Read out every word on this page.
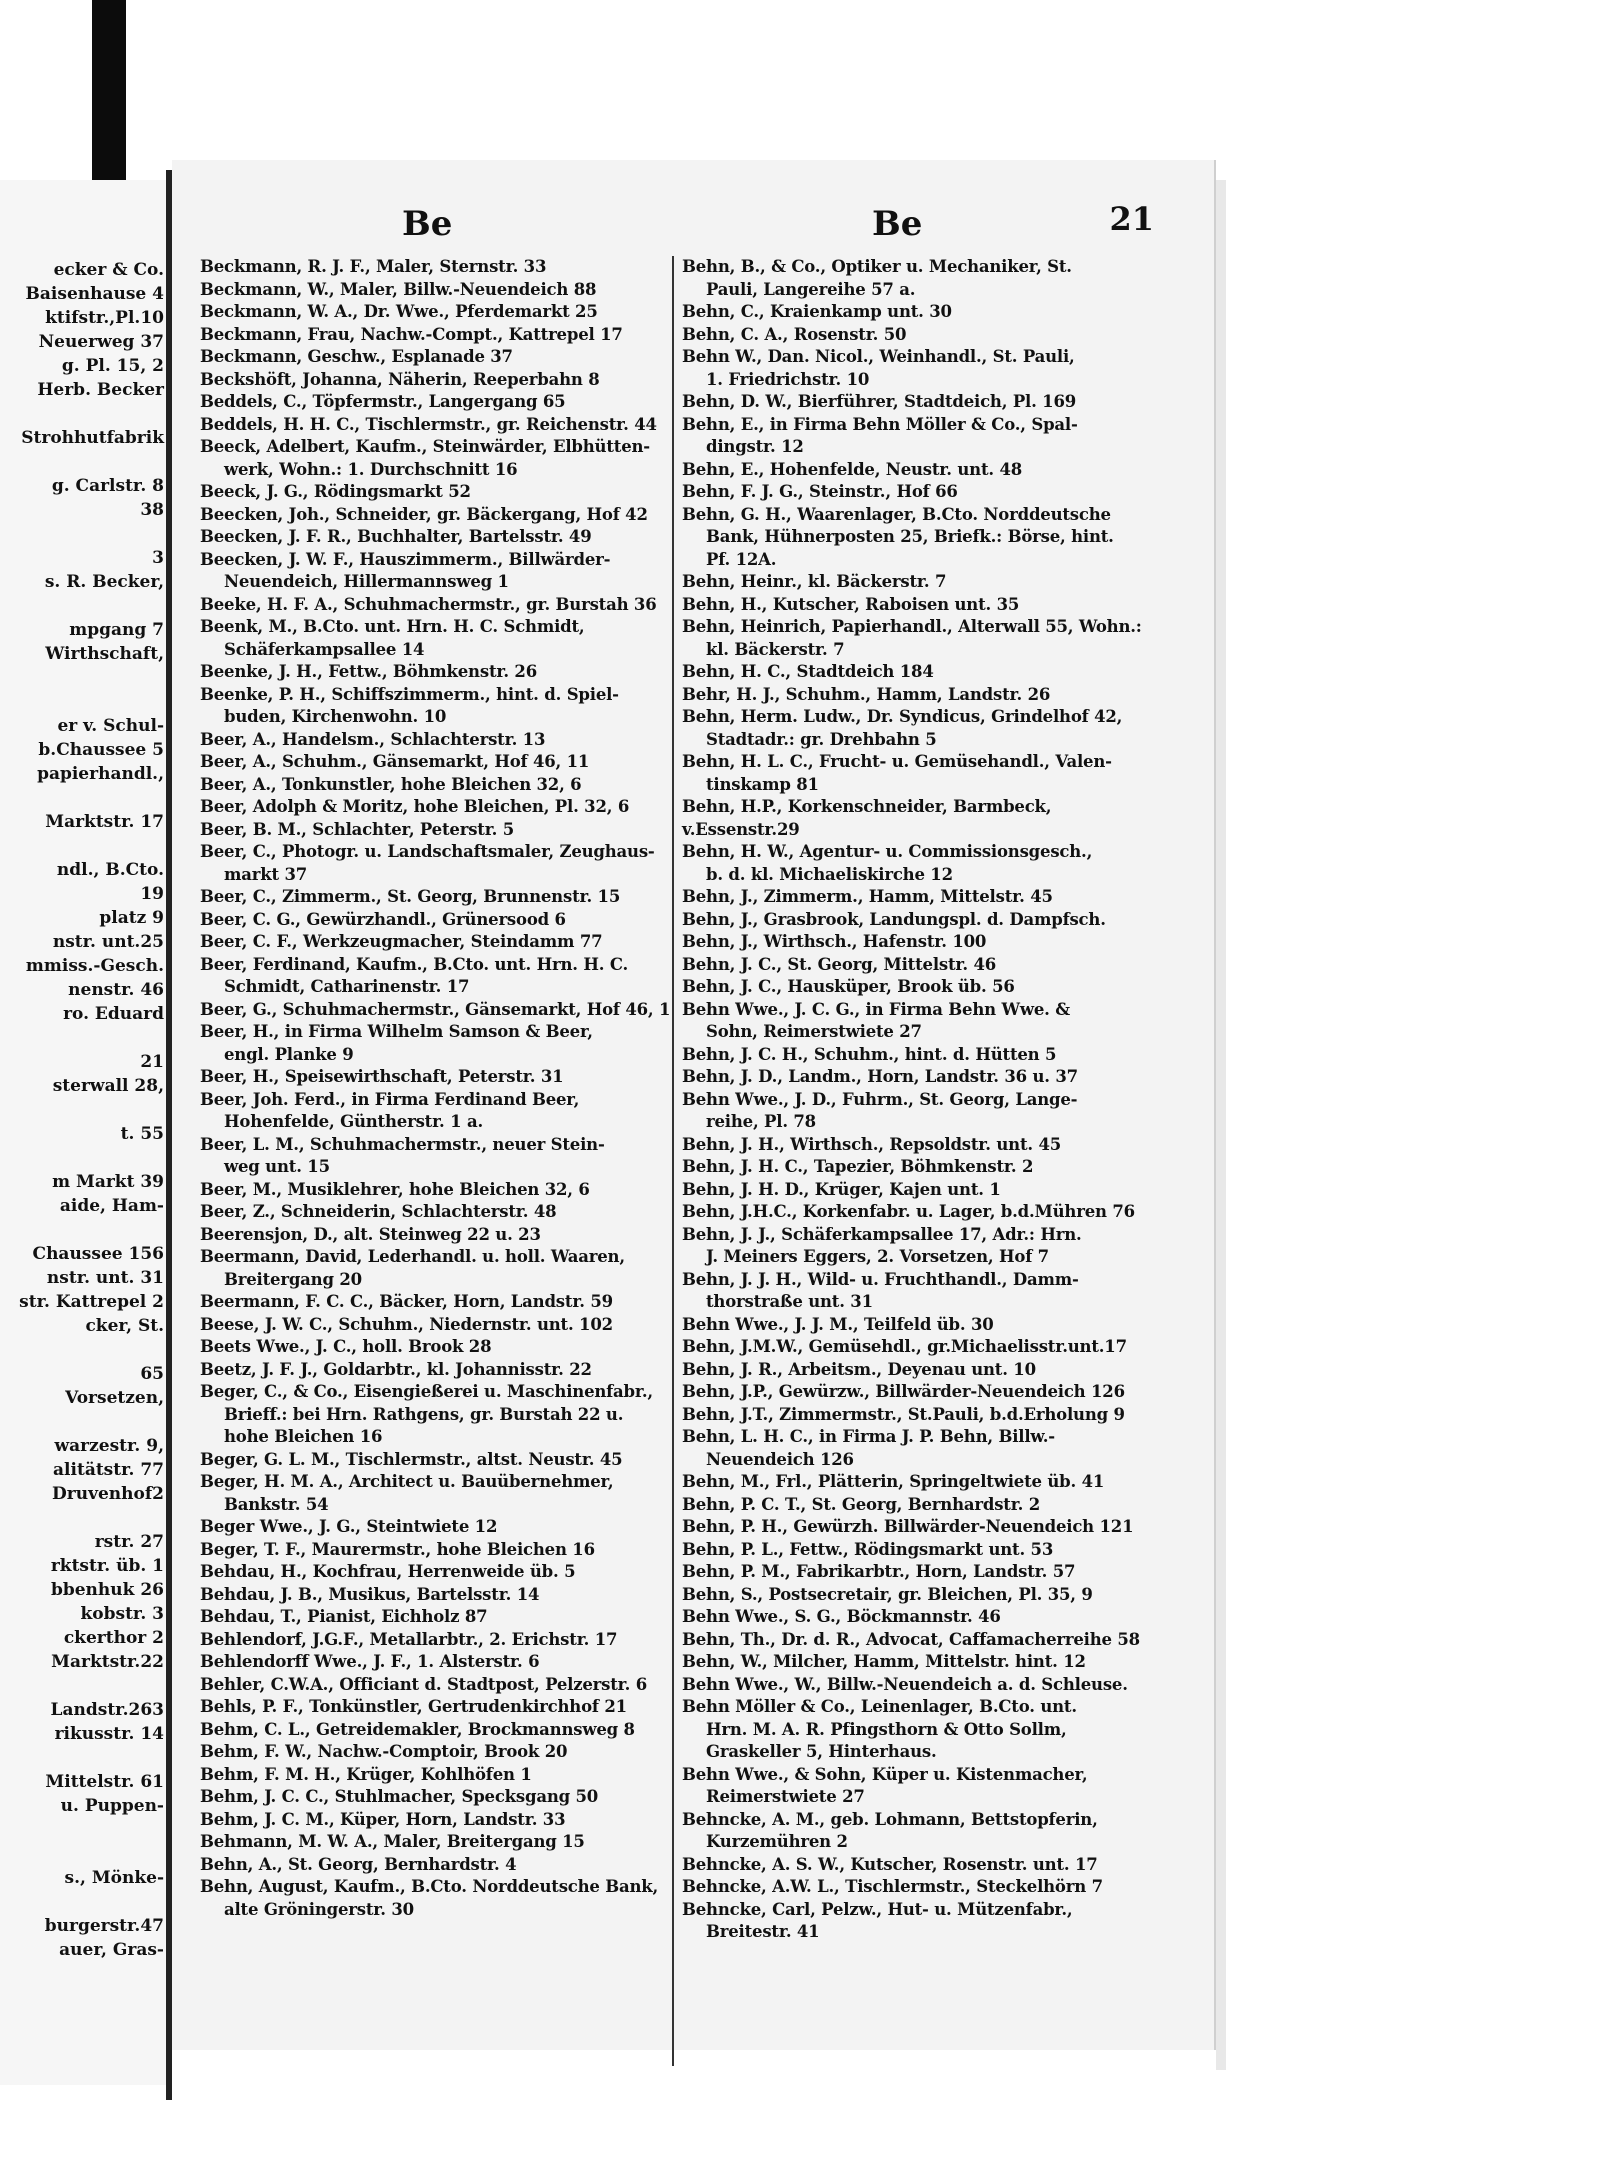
ecker & Co.
Baisenhause 4
ktifstr.,Pl.10
Neuerweg 37
g. Pl. 15, 2
Herb. Becker
Strohhutfabrik
g. Carlstr. 8
38
3
s. R. Becker,
mpgang 7
Wirthschaft,
er v. Schul-
b.Chaussee 5
papierhandl.,
Marktstr. 17
ndl., B.Cto.
19
platz 9
nstr. unt.25
mmiss.-Gesch.
nenstr. 46
ro. Eduard
21
sterwall 28,
t. 55
m Markt 39
aide, Ham-
Chaussee 156
nstr. unt. 31
str. Kattrepel 2
cker, St.
65
Vorsetzen,
warzestr. 9,
alitätstr. 77
Druvenhof2
rstr. 27
rktstr. üb. 1
bbenhuk 26
kobstr. 3
ckerthor 2
Marktstr.22
Landstr.263
rikusstr. 14
Mittelstr. 61
u. Puppen-
s., Mönke-
burgerstr.47
auer, Gras-
Be	Be	21
Beckmann, R. J. F., Maler, Sternstr. 33
Beckmann, W., Maler, Billw.-Neuendeich 88
Beckmann, W. A., Dr. Wwe., Pferdemarkt 25
Beckmann, Frau, Nachw.-Compt., Kattrepel 17
Beckmann, Geschw., Esplanade 37
Beckshöft, Johanna, Näherin, Reeperbahn 8
Beddels, C., Töpfermstr., Langergang 65
Beddels, H. H. C., Tischlermstr., gr. Reichenstr. 44
Beeck, Adelbert, Kaufm., Steinwärder, Elbhütten-
werk, Wohn.: 1. Durchschnitt 16
Beeck, J. G., Rödingsmarkt 52
Beecken, Joh., Schneider, gr. Bäckergang, Hof 42
Beecken, J. F. R., Buchhalter, Bartelsstr. 49
Beecken, J. W. F., Hauszimmerm., Billwärder-
Neuendeich, Hillermannsweg 1
Beeke, H. F. A., Schuhmachermstr., gr. Burstah 36
Beenk, M., B.Cto. unt. Hrn. H. C. Schmidt,
Schäferkampsallee 14
Beenke, J. H., Fettw., Böhmkenstr. 26
Beenke, P. H., Schiffszimmerm., hint. d. Spiel-
buden, Kirchenwohn. 10
Beer, A., Handelsm., Schlachterstr. 13
Beer, A., Schuhm., Gänsemarkt, Hof 46, 11
Beer, A., Tonkunstler, hohe Bleichen 32, 6
Beer, Adolph & Moritz, hohe Bleichen, Pl. 32, 6
Beer, B. M., Schlachter, Peterstr. 5
Beer, C., Photogr. u. Landschaftsmaler, Zeughaus-
markt 37
Beer, C., Zimmerm., St. Georg, Brunnenstr. 15
Beer, C. G., Gewürzhandl., Grünersood 6
Beer, C. F., Werkzeugmacher, Steindamm 77
Beer, Ferdinand, Kaufm., B.Cto. unt. Hrn. H. C.
Schmidt, Catharinenstr. 17
Beer, G., Schuhmachermstr., Gänsemarkt, Hof 46, 1
Beer, H., in Firma Wilhelm Samson & Beer,
engl. Planke 9
Beer, H., Speisewirthschaft, Peterstr. 31
Beer, Joh. Ferd., in Firma Ferdinand Beer,
Hohenfelde, Güntherstr. 1 a.
Beer, L. M., Schuhmachermstr., neuer Stein-
weg unt. 15
Beer, M., Musiklehrer, hohe Bleichen 32, 6
Beer, Z., Schneiderin, Schlachterstr. 48
Beerensjon, D., alt. Steinweg 22 u. 23
Beermann, David, Lederhandl. u. holl. Waaren,
Breitergang 20
Beermann, F. C. C., Bäcker, Horn, Landstr. 59
Beese, J. W. C., Schuhm., Niedernstr. unt. 102
Beets Wwe., J. C., holl. Brook 28
Beetz, J. F. J., Goldarbtr., kl. Johannisstr. 22
Beger, C., & Co., Eisengießerei u. Maschinenfabr.,
Brieff.: bei Hrn. Rathgens, gr. Burstah 22 u.
hohe Bleichen 16
Beger, G. L. M., Tischlermstr., altst. Neustr. 45
Beger, H. M. A., Architect u. Bauübernehmer,
Bankstr. 54
Beger Wwe., J. G., Steintwiete 12
Beger, T. F., Maurermstr., hohe Bleichen 16
Behdau, H., Kochfrau, Herrenweide üb. 5
Behdau, J. B., Musikus, Bartelsstr. 14
Behdau, T., Pianist, Eichholz 87
Behlendorf, J.G.F., Metallarbtr., 2. Erichstr. 17
Behlendorff Wwe., J. F., 1. Alsterstr. 6
Behler, C.W.A., Officiant d. Stadtpost, Pelzerstr. 6
Behls, P. F., Tonkünstler, Gertrudenkirchhof 21
Behm, C. L., Getreidemakler, Brockmannsweg 8
Behm, F. W., Nachw.-Comptoir, Brook 20
Behm, F. M. H., Krüger, Kohlhöfen 1
Behm, J. C. C., Stuhlmacher, Specksgang 50
Behm, J. C. M., Küper, Horn, Landstr. 33
Behmann, M. W. A., Maler, Breitergang 15
Behn, A., St. Georg, Bernhardstr. 4
Behn, August, Kaufm., B.Cto. Norddeutsche Bank,
alte Gröningerstr. 30
Behn, B., & Co., Optiker u. Mechaniker, St.
Pauli, Langereihe 57 a.
Behn, C., Kraienkamp unt. 30
Behn, C. A., Rosenstr. 50
Behn W., Dan. Nicol., Weinhandl., St. Pauli,
1. Friedrichstr. 10
Behn, D. W., Bierführer, Stadtdeich, Pl. 169
Behn, E., in Firma Behn Möller & Co., Spal-
dingstr. 12
Behn, E., Hohenfelde, Neustr. unt. 48
Behn, F. J. G., Steinstr., Hof 66
Behn, G. H., Waarenlager, B.Cto. Norddeutsche
Bank, Hühnerposten 25, Briefk.: Börse, hint.
Pf. 12A.
Behn, Heinr., kl. Bäckerstr. 7
Behn, H., Kutscher, Raboisen unt. 35
Behn, Heinrich, Papierhandl., Alterwall 55, Wohn.:
kl. Bäckerstr. 7
Behn, H. C., Stadtdeich 184
Behr, H. J., Schuhm., Hamm, Landstr. 26
Behn, Herm. Ludw., Dr. Syndicus, Grindelhof 42,
Stadtadr.: gr. Drehbahn 5
Behn, H. L. C., Frucht- u. Gemüsehandl., Valen-
tinskamp 81
Behn, H.P., Korkenschneider, Barmbeck, v.Essenstr.29
Behn, H. W., Agentur- u. Commissionsgesch.,
b. d. kl. Michaeliskirche 12
Behn, J., Zimmerm., Hamm, Mittelstr. 45
Behn, J., Grasbrook, Landungspl. d. Dampfsch.
Behn, J., Wirthsch., Hafenstr. 100
Behn, J. C., St. Georg, Mittelstr. 46
Behn, J. C., Hausküper, Brook üb. 56
Behn Wwe., J. C. G., in Firma Behn Wwe. &
Sohn, Reimerstwiete 27
Behn, J. C. H., Schuhm., hint. d. Hütten 5
Behn, J. D., Landm., Horn, Landstr. 36 u. 37
Behn Wwe., J. D., Fuhrm., St. Georg, Lange-
reihe, Pl. 78
Behn, J. H., Wirthsch., Repsoldstr. unt. 45
Behn, J. H. C., Tapezier, Böhmkenstr. 2
Behn, J. H. D., Krüger, Kajen unt. 1
Behn, J.H.C., Korkenfabr. u. Lager, b.d.Mühren 76
Behn, J. J., Schäferkampsallee 17, Adr.: Hrn.
J. Meiners Eggers, 2. Vorsetzen, Hof 7
Behn, J. J. H., Wild- u. Fruchthandl., Damm-
thorstraße unt. 31
Behn Wwe., J. J. M., Teilfeld üb. 30
Behn, J.M.W., Gemüsehdl., gr.Michaelisstr.unt.17
Behn, J. R., Arbeitsm., Deyenau unt. 10
Behn, J.P., Gewürzw., Billwärder-Neuendeich 126
Behn, J.T., Zimmermstr., St.Pauli, b.d.Erholung 9
Behn, L. H. C., in Firma J. P. Behn, Billw.-
Neuendeich 126
Behn, M., Frl., Plätterin, Springeltwiete üb. 41
Behn, P. C. T., St. Georg, Bernhardstr. 2
Behn, P. H., Gewürzh. Billwärder-Neuendeich 121
Behn, P. L., Fettw., Rödingsmarkt unt. 53
Behn, P. M., Fabrikarbtr., Horn, Landstr. 57
Behn, S., Postsecretair, gr. Bleichen, Pl. 35, 9
Behn Wwe., S. G., Böckmannstr. 46
Behn, Th., Dr. d. R., Advocat, Caffamacherreihe 58
Behn, W., Milcher, Hamm, Mittelstr. hint. 12
Behn Wwe., W., Billw.-Neuendeich a. d. Schleuse.
Behn Möller & Co., Leinenlager, B.Cto. unt.
Hrn. M. A. R. Pfingsthorn & Otto Sollm,
Graskeller 5, Hinterhaus.
Behn Wwe., & Sohn, Küper u. Kistenmacher,
Reimerstwiete 27
Behncke, A. M., geb. Lohmann, Bettstopferin,
Kurzemühren 2
Behncke, A. S. W., Kutscher, Rosenstr. unt. 17
Behncke, A.W. L., Tischlermstr., Steckelhörn 7
Behncke, Carl, Pelzw., Hut- u. Mützenfabr.,
Breitestr. 41
